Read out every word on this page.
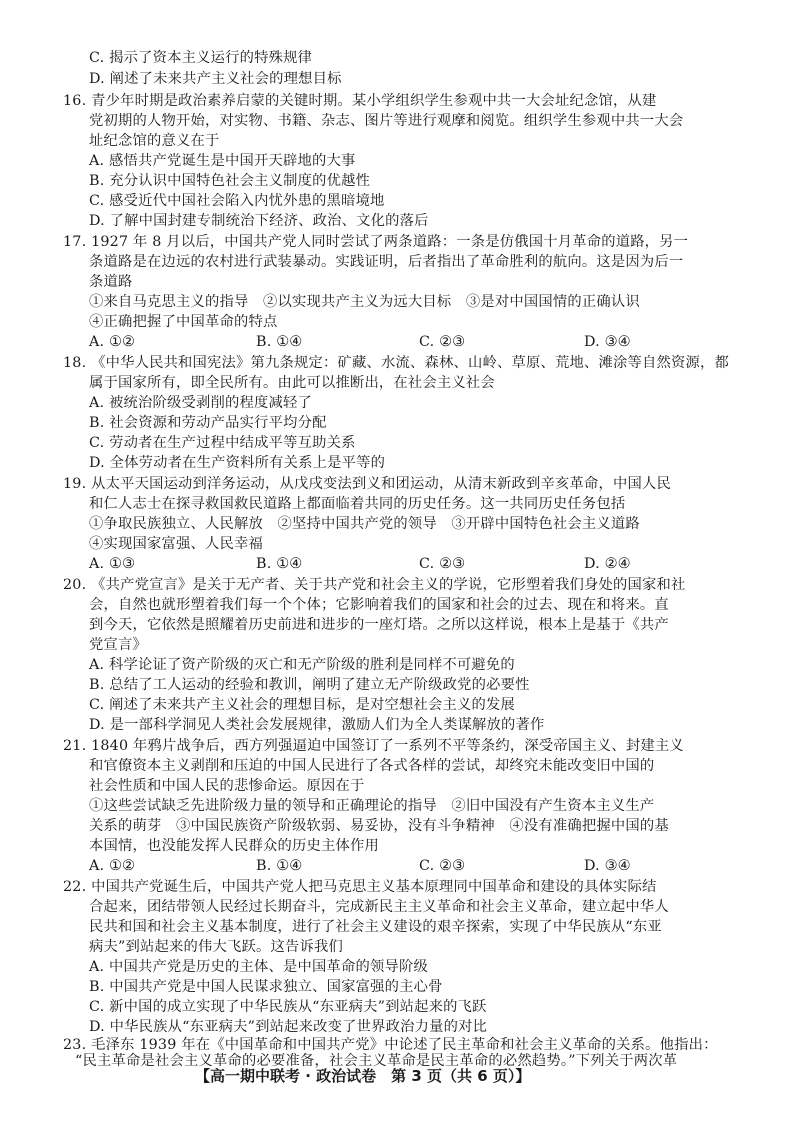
C. 揭示了资本主义运行的特殊规律
D. 阐述了未来共产主义社会的理想目标
16. 青少年时期是政治素养启蒙的关键时期。某小学组织学生参观中共一大会址纪念馆，从建
党初期的人物开始，对实物、书籍、杂志、图片等进行观摩和阅览。组织学生参观中共一大会
址纪念馆的意义在于
A. 感悟共产党诞生是中国开天辟地的大事
B. 充分认识中国特色社会主义制度的优越性
C. 感受近代中国社会陷入内忧外患的黑暗境地
D. 了解中国封建专制统治下经济、政治、文化的落后
17. 1927 年 8 月以后，中国共产党人同时尝试了两条道路：一条是仿俄国十月革命的道路，另一
条道路是在边远的农村进行武装暴动。实践证明，后者指出了革命胜利的航向。这是因为后一
条道路
①来自马克思主义的指导　②以实现共产主义为远大目标　③是对中国国情的正确认识
④正确把握了中国革命的特点
A. ①②	B. ①④	C. ②③	D. ③④
18. 《中华人民共和国宪法》第九条规定：矿藏、水流、森林、山岭、草原、荒地、滩涂等自然资源，都
属于国家所有，即全民所有。由此可以推断出，在社会主义社会
A. 被统治阶级受剥削的程度减轻了
B. 社会资源和劳动产品实行平均分配
C. 劳动者在生产过程中结成平等互助关系
D. 全体劳动者在生产资料所有关系上是平等的
19. 从太平天国运动到洋务运动，从戊戌变法到义和团运动，从清末新政到辛亥革命，中国人民
和仁人志士在探寻救国救民道路上都面临着共同的历史任务。这一共同历史任务包括
①争取民族独立、人民解放　②坚持中国共产党的领导　③开辟中国特色社会主义道路
④实现国家富强、人民幸福
A. ①③	B. ①④	C. ②③	D. ②④
20. 《共产党宣言》是关于无产者、关于共产党和社会主义的学说，它形塑着我们身处的国家和社
会，自然也就形塑着我们每一个个体；它影响着我们的国家和社会的过去、现在和将来。直
到今天，它依然是照耀着历史前进和进步的一座灯塔。之所以这样说，根本上是基于《共产
党宣言》
A. 科学论证了资产阶级的灭亡和无产阶级的胜利是同样不可避免的
B. 总结了工人运动的经验和教训，阐明了建立无产阶级政党的必要性
C. 阐述了未来共产主义社会的理想目标，是对空想社会主义的发展
D. 是一部科学洞见人类社会发展规律，激励人们为全人类谋解放的著作
21. 1840 年鸦片战争后，西方列强逼迫中国签订了一系列不平等条约，深受帝国主义、封建主义
和官僚资本主义剥削和压迫的中国人民进行了各式各样的尝试，却终究未能改变旧中国的
社会性质和中国人民的悲惨命运。原因在于
①这些尝试缺乏先进阶级力量的领导和正确理论的指导　②旧中国没有产生资本主义生产
关系的萌芽　③中国民族资产阶级软弱、易妥协，没有斗争精神　④没有准确把握中国的基
本国情，也没能发挥人民群众的历史主体作用
A. ①②	B. ①④	C. ②③	D. ③④
22. 中国共产党诞生后，中国共产党人把马克思主义基本原理同中国革命和建设的具体实际结
合起来，团结带领人民经过长期奋斗，完成新民主主义革命和社会主义革命，建立起中华人
民共和国和社会主义基本制度，进行了社会主义建设的艰辛探索，实现了中华民族从“东亚
病夫”到站起来的伟大飞跃。这告诉我们
A. 中国共产党是历史的主体、是中国革命的领导阶级
B. 中国共产党是中国人民谋求独立、国家富强的主心骨
C. 新中国的成立实现了中华民族从“东亚病夫”到站起来的飞跃
D. 中华民族从“东亚病夫”到站起来改变了世界政治力量的对比
23. 毛泽东 1939 年在《中国革命和中国共产党》中论述了民主革命和社会主义革命的关系。他指出：
“民主革命是社会主义革命的必要准备，社会主义革命是民主革命的必然趋势。”下列关于两次革
【高一期中联考 · 政治试卷　第 3 页（共 6 页）】
